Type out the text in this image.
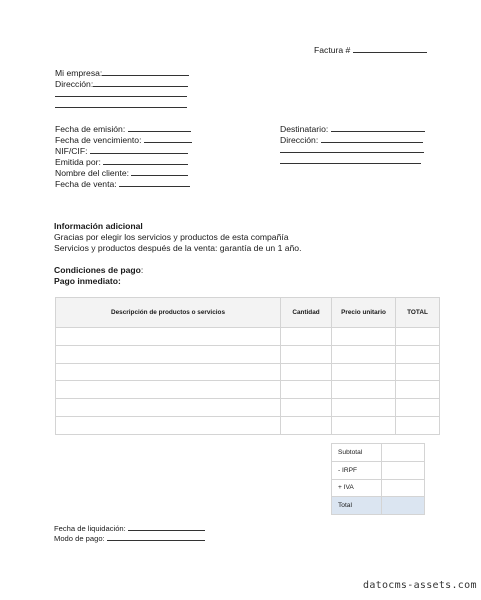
Factura #
Mi empresa:
Dirección:
Fecha de emisión:
Fecha de vencimiento:
NIF/CIF:
Emitida por:
Nombre del cliente:
Fecha de venta:
Destinatario:
Dirección:
Información adicional
Gracias por elegir los servicios y productos de esta compañía
Servicios y productos después de la venta: garantía de un 1 año.
Condiciones de pago:
Pago inmediato:
Descripción de productos o servicios	Cantidad	Precio unitario	TOTAL

Subtotal	
- IRPF	
+ IVA	
Total	
Fecha de liquidación:
Modo de pago:
datocms-assets.com
